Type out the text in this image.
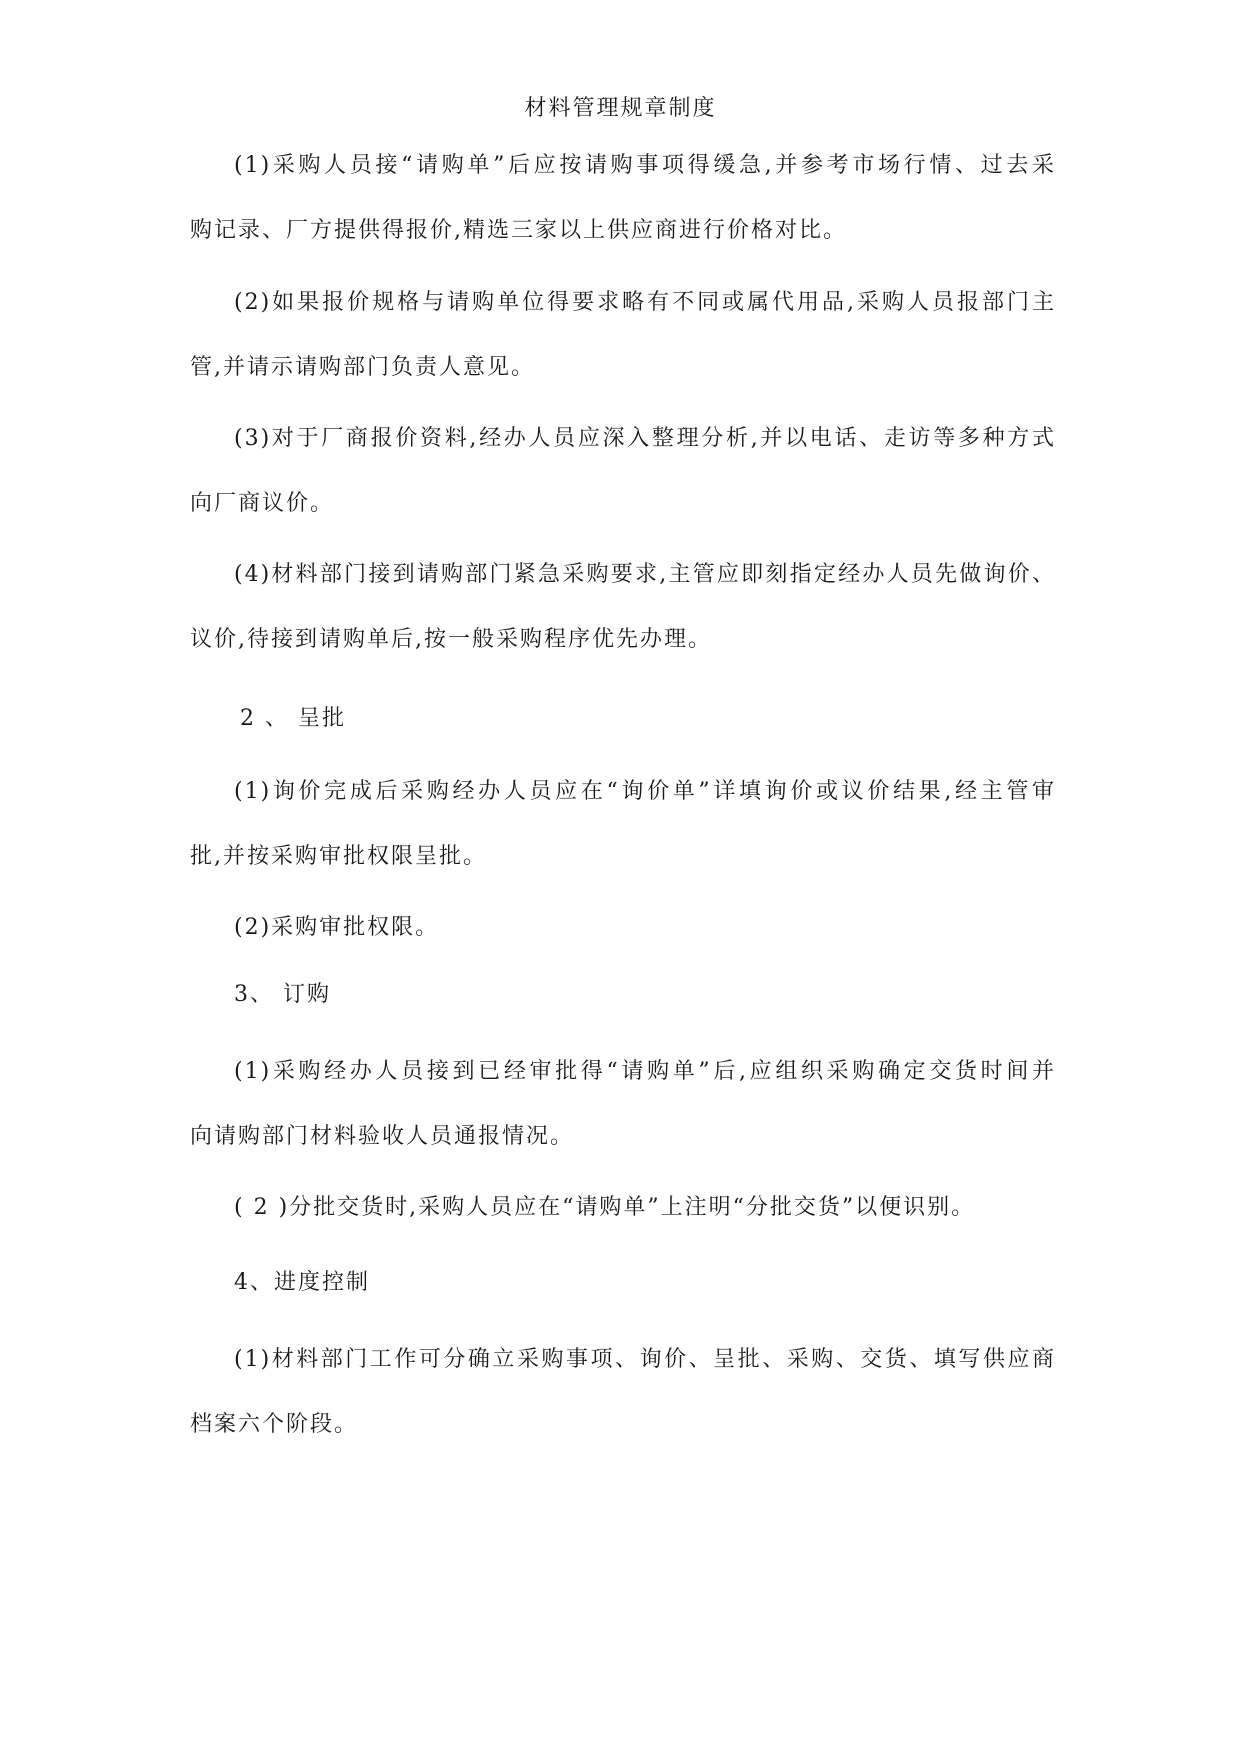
材料管理规章制度
(1)采购人员接“请购单”后应按请购事项得缓急,并参考市场行情、过去采
购记录、厂方提供得报价,精选三家以上供应商进行价格对比。
(2)如果报价规格与请购单位得要求略有不同或属代用品,采购人员报部门主
管,并请示请购部门负责人意见。
(3)对于厂商报价资料,经办人员应深入整理分析,并以电话、走访等多种方式
向厂商议价。
(4)材料部门接到请购部门紧急采购要求,主管应即刻指定经办人员先做询价、
议价,待接到请购单后,按一般采购程序优先办理。
2 、 呈批
(1)询价完成后采购经办人员应在“询价单”详填询价或议价结果,经主管审
批,并按采购审批权限呈批。
(2)采购审批权限。
3、 订购
(1)采购经办人员接到已经审批得“请购单”后,应组织采购确定交货时间并
向请购部门材料验收人员通报情况。
( 2 )分批交货时,采购人员应在“请购单”上注明“分批交货”以便识别。
4、进度控制
(1)材料部门工作可分确立采购事项、询价、呈批、采购、交货、填写供应商
档案六个阶段。
